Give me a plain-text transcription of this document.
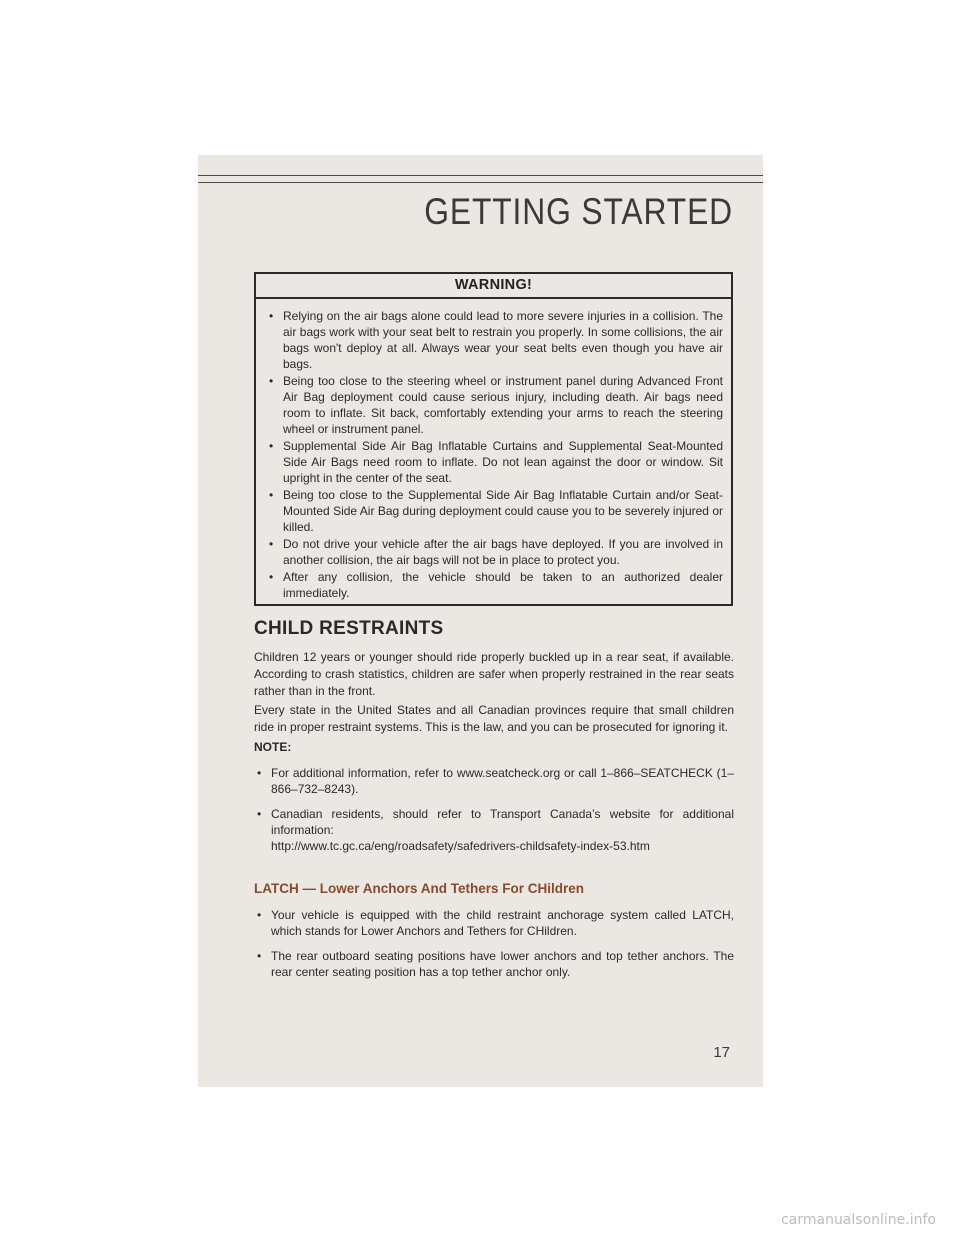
GETTING STARTED
WARNING!
• Relying on the air bags alone could lead to more severe injuries in a collision. The air bags work with your seat belt to restrain you properly. In some collisions, the air bags won't deploy at all. Always wear your seat belts even though you have air bags.
• Being too close to the steering wheel or instrument panel during Advanced Front Air Bag deployment could cause serious injury, including death. Air bags need room to inflate. Sit back, comfortably extending your arms to reach the steering wheel or instrument panel.
• Supplemental Side Air Bag Inflatable Curtains and Supplemental Seat-Mounted Side Air Bags need room to inflate. Do not lean against the door or window. Sit upright in the center of the seat.
• Being too close to the Supplemental Side Air Bag Inflatable Curtain and/or Seat-Mounted Side Air Bag during deployment could cause you to be severely injured or killed.
• Do not drive your vehicle after the air bags have deployed. If you are involved in another collision, the air bags will not be in place to protect you.
• After any collision, the vehicle should be taken to an authorized dealer immediately.
CHILD RESTRAINTS

Children 12 years or younger should ride properly buckled up in a rear seat, if available. According to crash statistics, children are safer when properly restrained in the rear seats rather than in the front.

Every state in the United States and all Canadian provinces require that small children ride in proper restraint systems. This is the law, and you can be prosecuted for ignoring it.

NOTE:
• For additional information, refer to www.seatcheck.org or call 1–866–SEATCHECK (1–866–732–8243).
• Canadian residents, should refer to Transport Canada’s website for additional information:
http://www.tc.gc.ca/eng/roadsafety/safedrivers-childsafety-index-53.htm
LATCH — Lower Anchors And Tethers For CHildren
• Your vehicle is equipped with the child restraint anchorage system called LATCH, which stands for Lower Anchors and Tethers for CHildren.
• The rear outboard seating positions have lower anchors and top tether anchors. The rear center seating position has a top tether anchor only.
17
carmanualsonline.info
